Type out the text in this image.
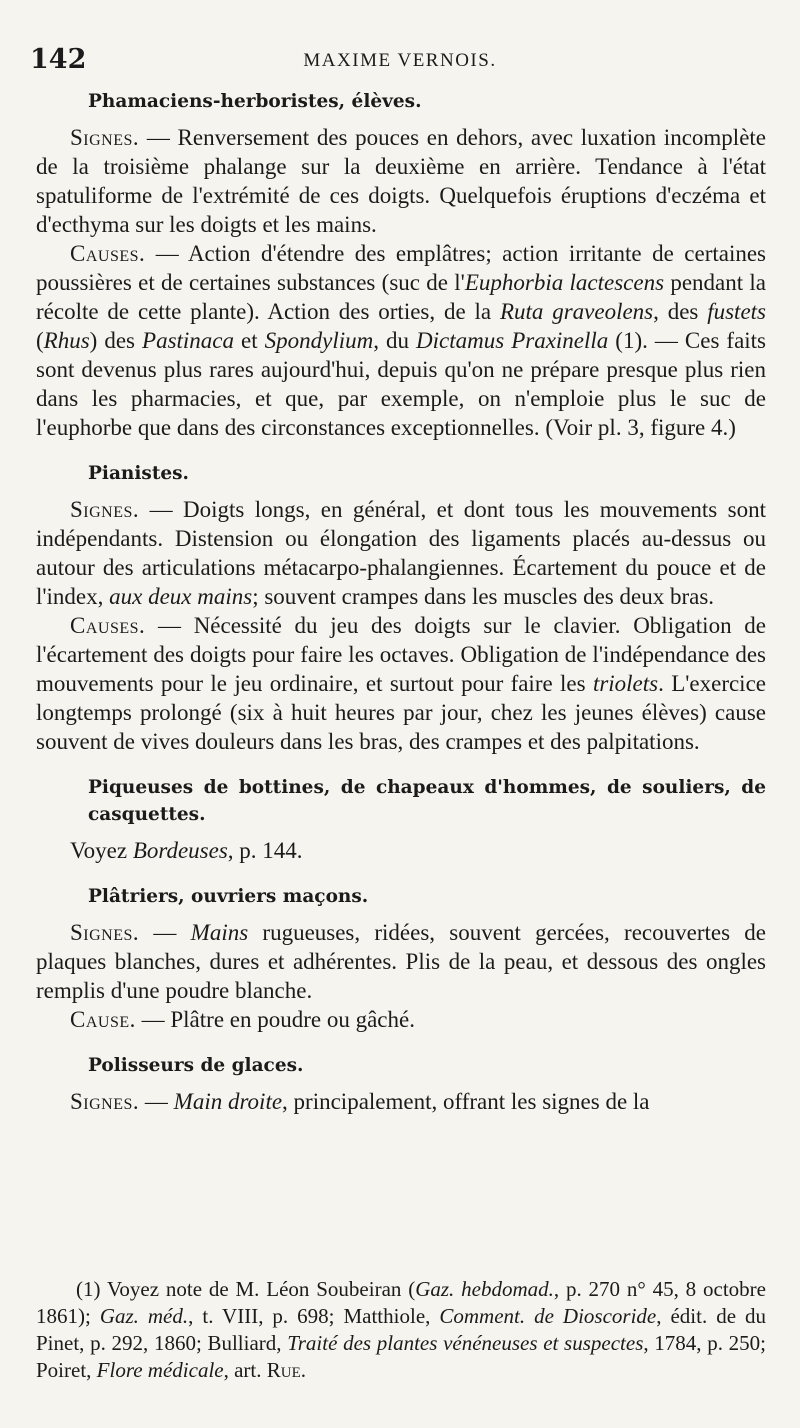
142	MAXIME VERNOIS.
Phamaciens-herboristes, élèves.

Signes. — Renversement des pouces en dehors, avec luxation incomplète de la troisième phalange sur la deuxième en arrière. Tendance à l'état spatuliforme de l'extrémité de ces doigts. Quelquefois éruptions d'eczéma et d'ecthyma sur les doigts et les mains.

Causes. — Action d'étendre des emplâtres; action irritante de certaines poussières et de certaines substances (suc de l'Euphorbia lactescens pendant la récolte de cette plante). Action des orties, de la Ruta graveolens, des fustets (Rhus) des Pastinaca et Spondylium, du Dictamus Praxinella (1). — Ces faits sont devenus plus rares aujourd'hui, depuis qu'on ne prépare presque plus rien dans les pharmacies, et que, par exemple, on n'emploie plus le suc de l'euphorbe que dans des circonstances exceptionnelles. (Voir pl. 3, figure 4.)

Pianistes.

Signes. — Doigts longs, en général, et dont tous les mouvements sont indépendants. Distension ou élongation des ligaments placés au-dessus ou autour des articulations métacarpo-phalangiennes. Écartement du pouce et de l'index, aux deux mains; souvent crampes dans les muscles des deux bras.

Causes. — Nécessité du jeu des doigts sur le clavier. Obligation de l'écartement des doigts pour faire les octaves. Obligation de l'indépendance des mouvements pour le jeu ordinaire, et surtout pour faire les triolets. L'exercice longtemps prolongé (six à huit heures par jour, chez les jeunes élèves) cause souvent de vives douleurs dans les bras, des crampes et des palpitations.

Piqueuses de bottines, de chapeaux d'hommes, de souliers, de casquettes.

Voyez Bordeuses, p. 144.

Plâtriers, ouvriers maçons.

Signes. — Mains rugueuses, ridées, souvent gercées, recouvertes de plaques blanches, dures et adhérentes. Plis de la peau, et dessous des ongles remplis d'une poudre blanche.

Cause. — Plâtre en poudre ou gâché.

Polisseurs de glaces.

Signes. — Main droite, principalement, offrant les signes de la

(1) Voyez note de M. Léon Soubeiran (Gaz. hebdomad., p. 270 n° 45, 8 octobre 1861); Gaz. méd., t. VIII, p. 698; Matthiole, Comment. de Dioscoride, édit. de du Pinet, p. 292, 1860; Bulliard, Traité des plantes vénéneuses et suspectes, 1784, p. 250; Poiret, Flore médicale, art. Rue.
